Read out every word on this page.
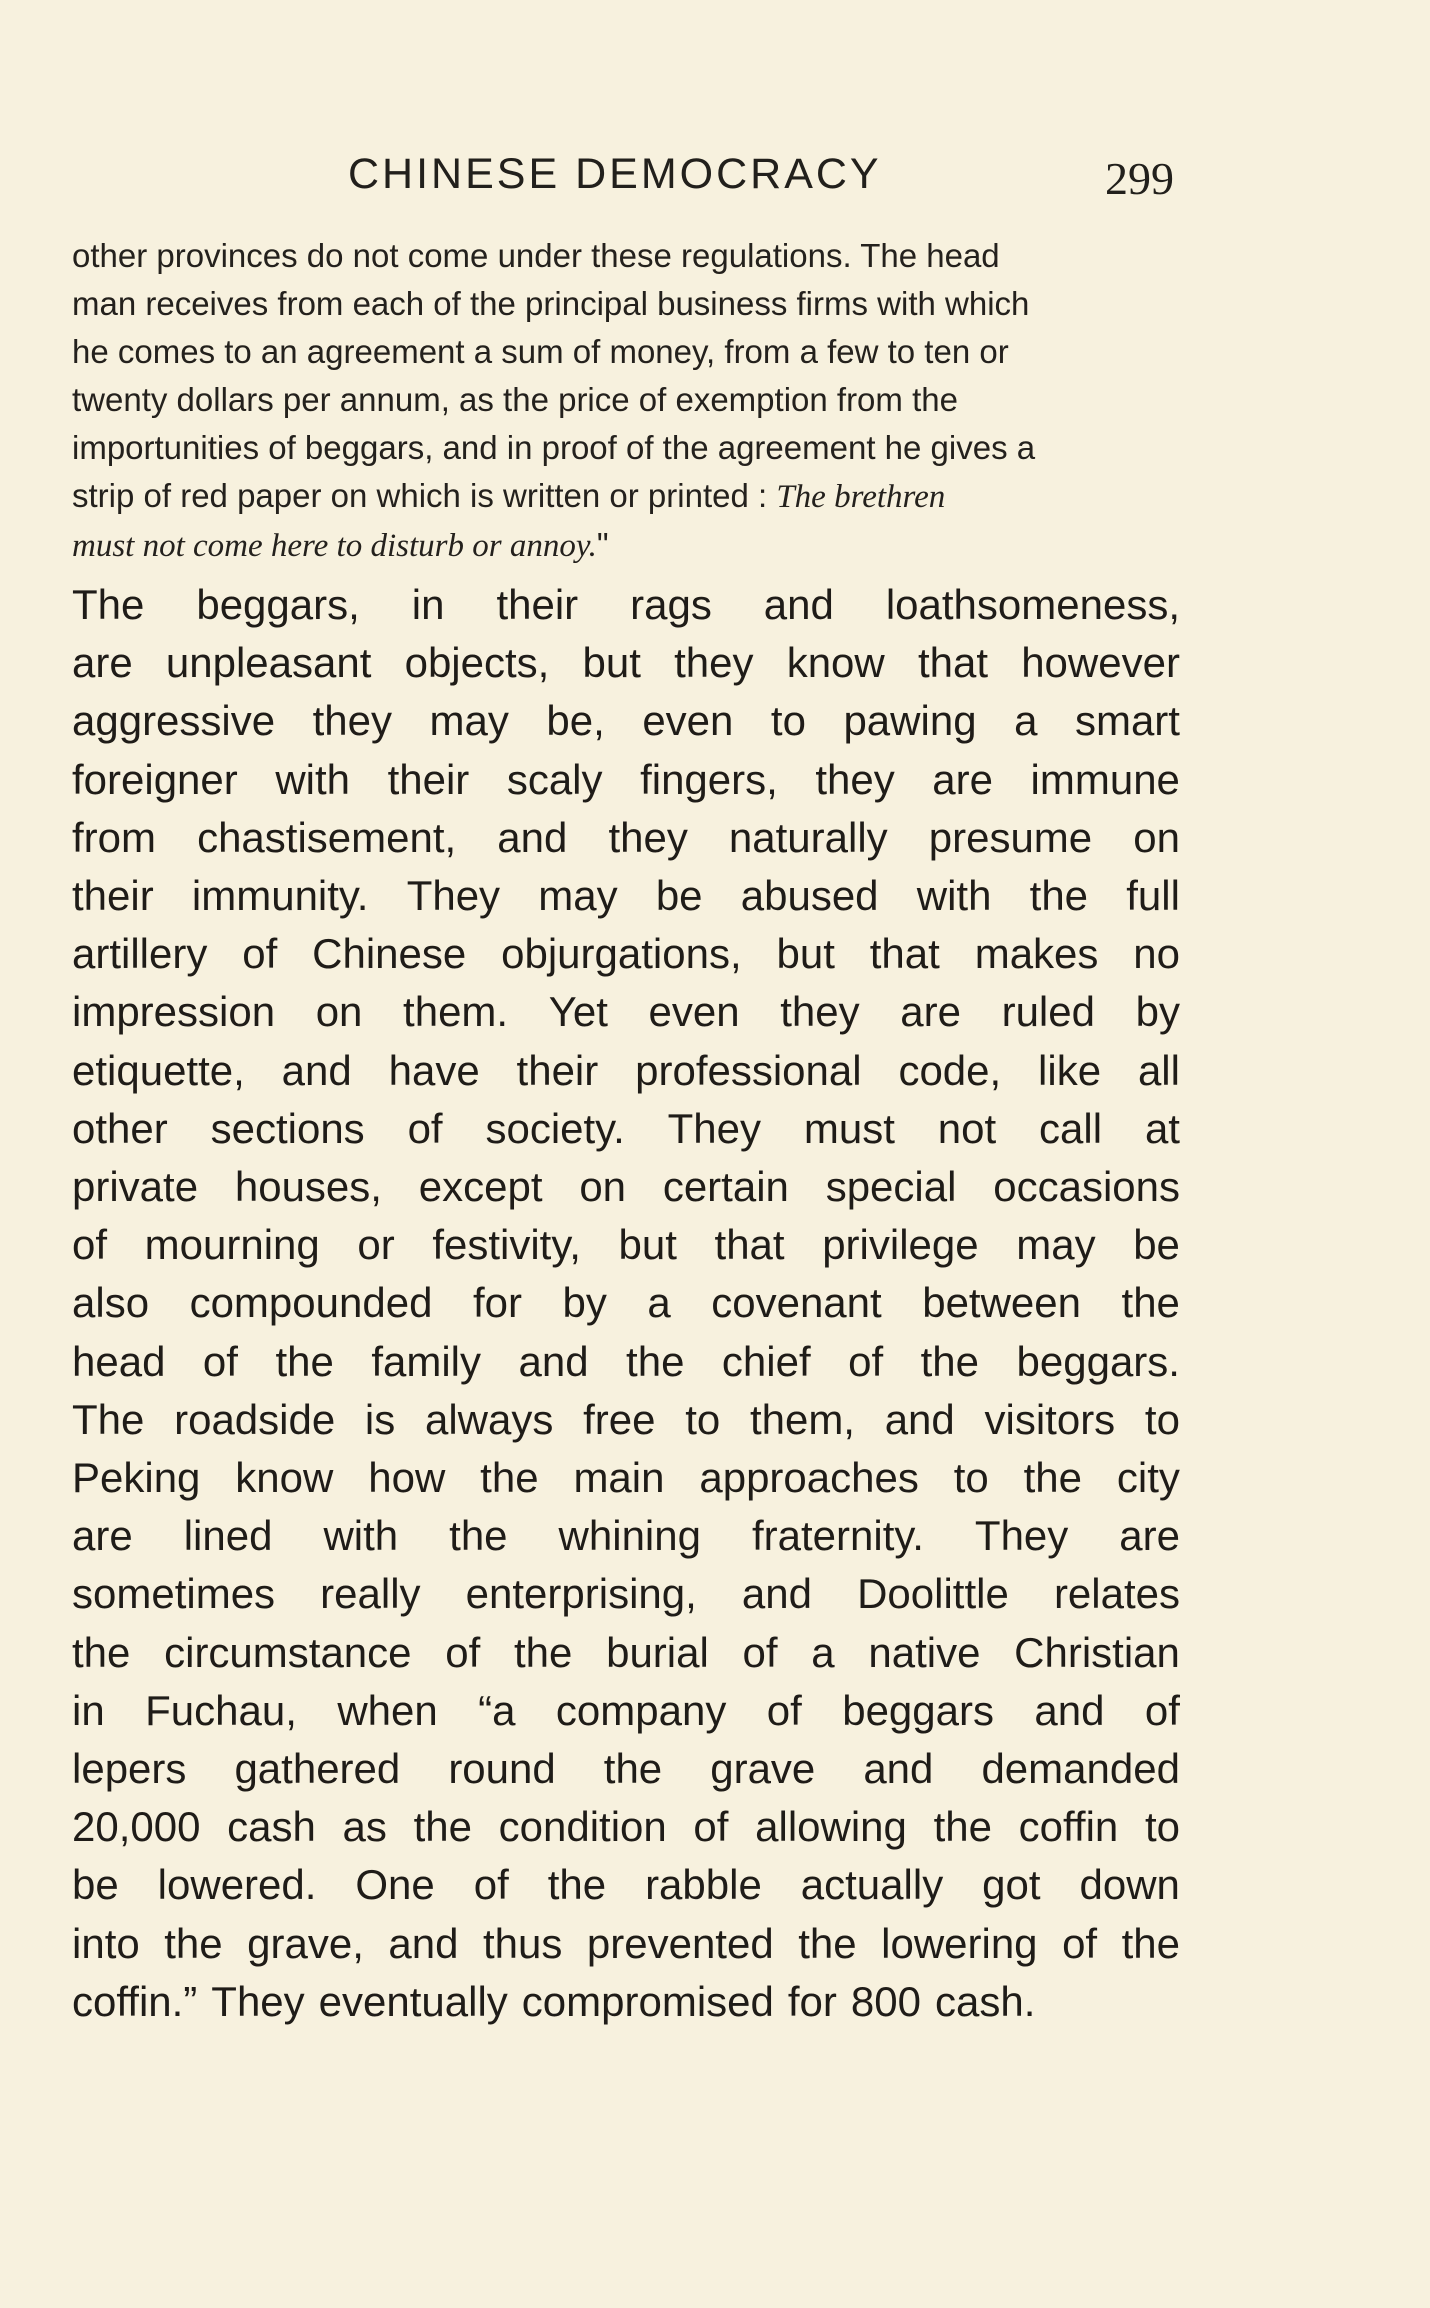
CHINESE DEMOCRACY	299
other provinces do not come under these regulations. The head
man receives from each of the principal business firms with which
he comes to an agreement a sum of money, from a few to ten or
twenty dollars per annum, as the price of exemption from the
importunities of beggars, and in proof of the agreement he gives a
strip of red paper on which is written or printed : The brethren
must not come here to disturb or annoy."
The beggars, in their rags and loathsomeness,
are unpleasant objects, but they know that however
aggressive they may be, even to pawing a smart
foreigner with their scaly fingers, they are immune
from chastisement, and they naturally presume on
their immunity. They may be abused with the full
artillery of Chinese objurgations, but that makes no
impression on them. Yet even they are ruled by
etiquette, and have their professional code, like all
other sections of society. They must not call at
private houses, except on certain special occasions
of mourning or festivity, but that privilege may be
also compounded for by a covenant between the
head of the family and the chief of the beggars.
The roadside is always free to them, and visitors to
Peking know how the main approaches to the city
are lined with the whining fraternity. They are
sometimes really enterprising, and Doolittle relates
the circumstance of the burial of a native Christian
in Fuchau, when “a company of beggars and of
lepers gathered round the grave and demanded
20,000 cash as the condition of allowing the coffin to
be lowered. One of the rabble actually got down
into the grave, and thus prevented the lowering of the
coffin.” They eventually compromised for 800 cash.
